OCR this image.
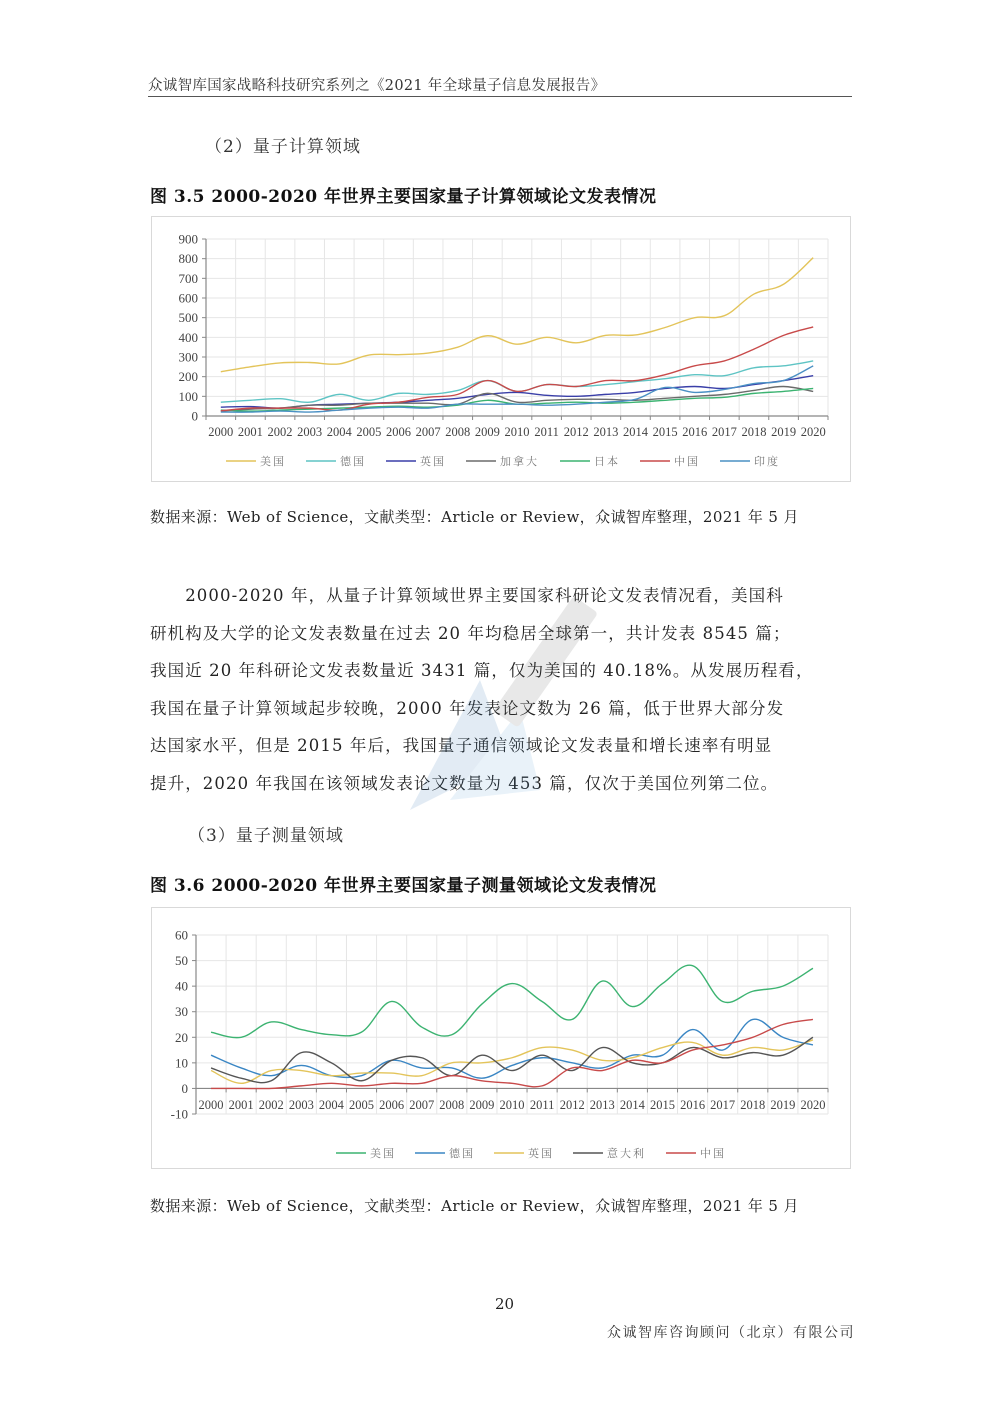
众诚智库国家战略科技研究系列之《2021 年全球量子信息发展报告》
（2）量子计算领域
图 3.5 2000-2020 年世界主要国家量子计算领域论文发表情况
0
100
200
300
400
500
600
700
800
900
2000 2001 2002 2003 2004 2005 2006 2007 2008 2009 2010 2011 2012 2013 2014 2015 2016 2017 2018 2019 2020
美国	德国	英国	加拿大	日本	中国	印度
数据来源：Web of Science，文献类型：Article or Review，众诚智库整理，2021 年 5 月

　　2000-2020 年，从量子计算领域世界主要国家科研论文发表情况看，美国科

研机构及大学的论文发表数量在过去 20 年均稳居全球第一，共计发表 8545 篇；

我国近 20 年科研论文发表数量近 3431 篇，仅为美国的 40.18%。从发展历程看，

我国在量子计算领域起步较晚，2000 年发表论文数为 26 篇，低于世界大部分发

达国家水平，但是 2015 年后，我国量子通信领域论文发表量和增长速率有明显

提升，2020 年我国在该领域发表论文数量为 453 篇，仅次于美国位列第二位。

（3）量子测量领域
图 3.6 2000-2020 年世界主要国家量子测量领域论文发表情况
-10
0
10
20
30
40
50
60
2000 2001 2002 2003 2004 2005 2006 2007 2008 2009 2010 2011 2012 2013 2014 2015 2016 2017 2018 2019 2020
美国	德国	英国	意大利	中国
数据来源：Web of Science，文献类型：Article or Review，众诚智库整理，2021 年 5 月
20
众诚智库咨询顾问（北京）有限公司
